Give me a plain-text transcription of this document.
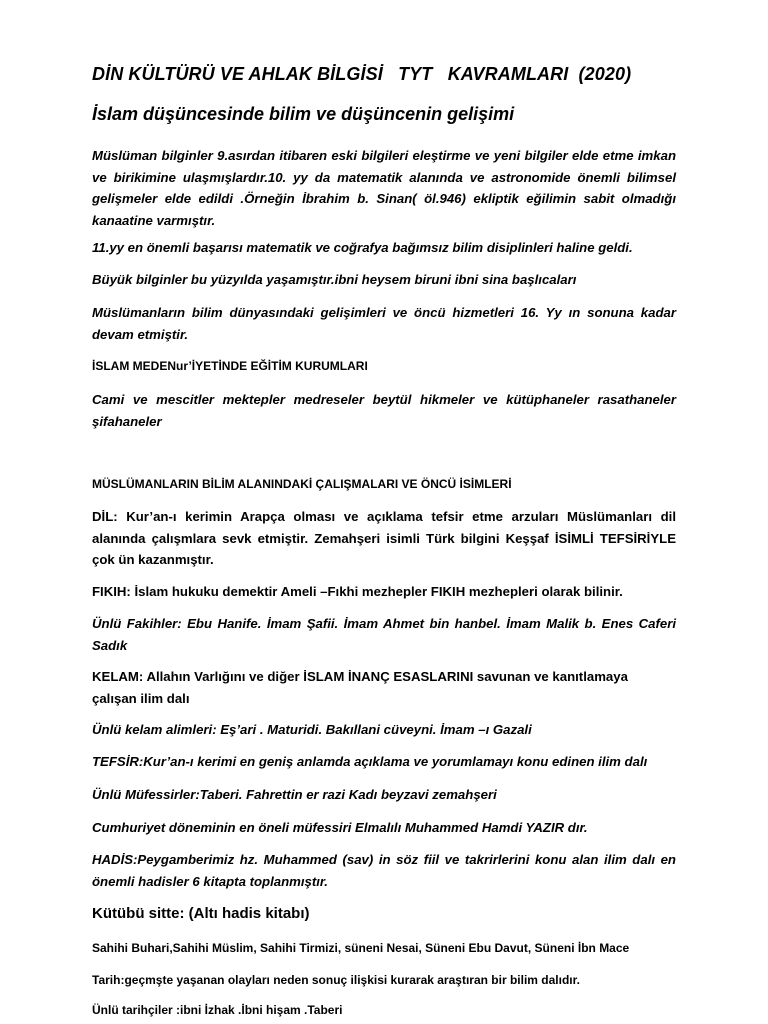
DİN KÜLTÜRÜ VE AHLAK BİLGİSİ   TYT   KAVRAMLARI  (2020)
İslam düşüncesinde bilim ve düşüncenin gelişimi

Müslüman bilginler 9.asırdan itibaren eski bilgileri eleştirme ve yeni bilgiler elde etme imkan ve birikimine ulaşmışlardır.10. yy da matematik alanında ve astronomide önemli bilimsel gelişmeler elde edildi .Örneğin İbrahim b. Sinan( öl.946) ekliptik eğilimin sabit olmadığı kanaatine varmıştır.

11.yy en önemli başarısı matematik ve coğrafya bağımsız bilim disiplinleri haline geldi.

Büyük bilginler bu yüzyılda yaşamıştır.ibni heysem biruni ibni sina başlıcaları

Müslümanların bilim dünyasındaki gelişimleri ve öncü hizmetleri 16. Yy ın sonuna kadar devam etmiştir.

İSLAM MEDENur’İYETİNDE EĞİTİM KURUMLARI

Cami ve mescitler mektepler medreseler beytül hikmeler ve kütüphaneler rasathaneler şifahaneler

MÜSLÜMANLARIN BİLİM ALANINDAKİ ÇALIŞMALARI VE ÖNCÜ İSİMLERİ

DİL: Kur’an-ı kerimin Arapça olması ve açıklama tefsir etme arzuları Müslümanları dil alanında çalışmlara sevk etmiştir. Zemahşeri isimli Türk bilgini Keşşaf İSİMLİ TEFSİRİYLE çok ün kazanmıştır.

FIKIH: İslam hukuku demektir Ameli –Fıkhi mezhepler FIKIH mezhepleri olarak bilinir.

Ünlü Fakihler: Ebu Hanife. İmam Şafii. İmam Ahmet bin hanbel. İmam Malik b. Enes Caferi Sadık

KELAM: Allahın Varlığını ve diğer İSLAM İNANÇ ESASLARINI savunan ve kanıtlamaya çalışan ilim dalı

Ünlü kelam alimleri: Eş’ari . Maturidi. Bakıllani cüveyni. İmam –ı Gazali

TEFSİR:Kur’an-ı kerimi en geniş anlamda açıklama ve yorumlamayı konu edinen ilim dalı

Ünlü Müfessirler:Taberi. Fahrettin er razi Kadı beyzavi zemahşeri

Cumhuriyet döneminin en öneli müfessiri Elmalılı Muhammed Hamdi YAZIR dır.

HADİS:Peygamberimiz hz. Muhammed (sav) in söz fiil ve takrirlerini konu alan ilim dalı en önemli hadisler 6 kitapta toplanmıştır.

Kütübü sitte: (Altı hadis kitabı)

Sahihi Buhari,Sahihi Müslim, Sahihi Tirmizi, süneni Nesai, Süneni Ebu Davut, Süneni İbn Mace

Tarih:geçmşte yaşanan olayları neden sonuç ilişkisi kurarak araştıran bir bilim dalıdır.

Ünlü tarihçiler :ibni İzhak .İbni hişam .Taberi
